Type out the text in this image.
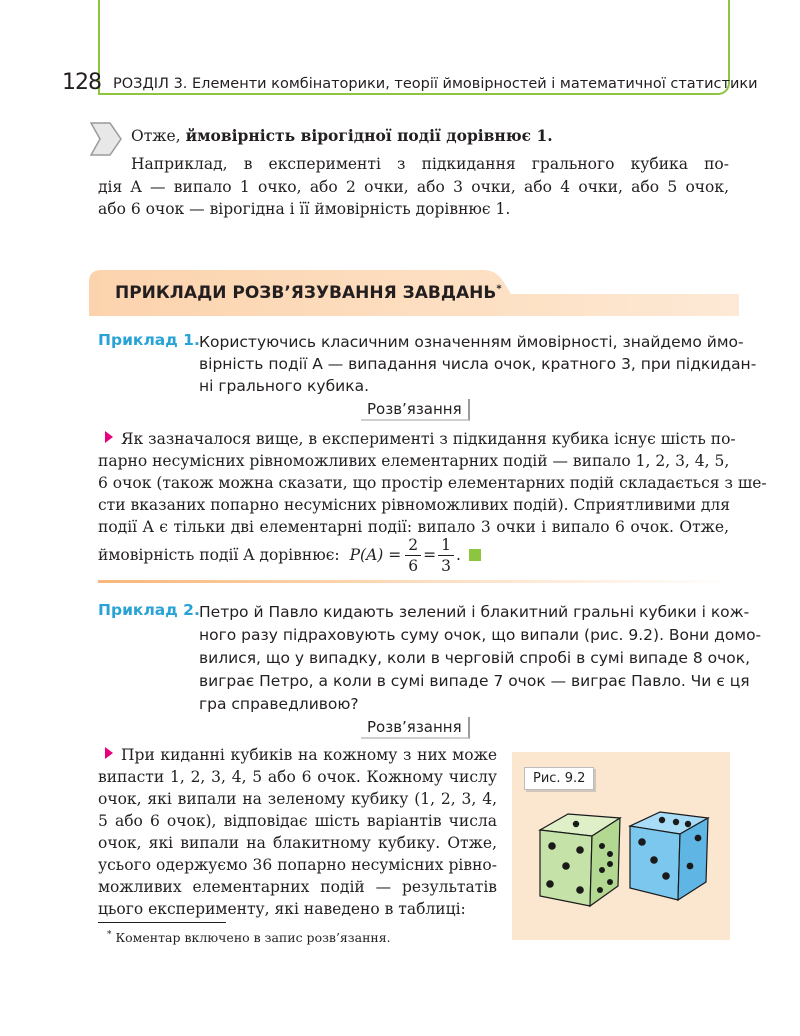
128 РОЗДІЛ 3. Елементи комбінаторики, теорії ймовірностей і математичної статистики
Отже, ймовірність вірогідної події дорівнює 1.
Наприклад, в експерименті з підкидання грального кубика по-
дія A — випало 1 очко, або 2 очки, або 3 очки, або 4 очки, або 5 очок,
або 6 очок — вірогідна і її ймовірність дорівнює 1.
ПРИКЛАДИ РОЗВ’ЯЗУВАННЯ ЗАВДАНЬ*
Приклад 1. Користуючись класичним означенням ймовірності, знайдемо ймо-
вірність події A — випадання числа очок, кратного 3, при підкидан-
ні грального кубика.
Розв’язання
Як зазначалося вище, в експерименті з підкидання кубика існує шість по-
парно несумісних рівноможливих елементарних подій — випало 1, 2, 3, 4, 5,
6 очок (також можна сказати, що простір елементарних подій складається з ше-
сти вказаних попарно несумісних рівноможливих подій). Сприятливими для
події A є тільки дві елементарні події: випало 3 очки і випало 6 очок. Отже,
ймовірність події A дорівнює: $P(A) = \frac{2}{6} = \frac{1}{3}$ .
Приклад 2. Петро й Павло кидають зелений і блакитний гральні кубики і кож-
ного разу підраховують суму очок, що випали (рис. 9.2). Вони домо-
вилися, що у випадку, коли в черговій спробі в сумі випаде 8 очок,
виграє Петро, а коли в сумі випаде 7 очок — виграє Павло. Чи є ця
гра справедливою?
Розв’язання
При киданні кубиків на кожному з них може
випасти 1, 2, 3, 4, 5 або 6 очок. Кожному числу
очок, які випали на зеленому кубику (1, 2, 3, 4,
5 або 6 очок), відповідає шість варіантів числа
очок, які випали на блакитному кубику. Отже,
усього одержуємо 36 попарно несумісних рівно-
можливих елементарних подій — результатів
цього експерименту, які наведено в таблиці:
Рис. 9.2
* Коментар включено в запис розв’язання.
